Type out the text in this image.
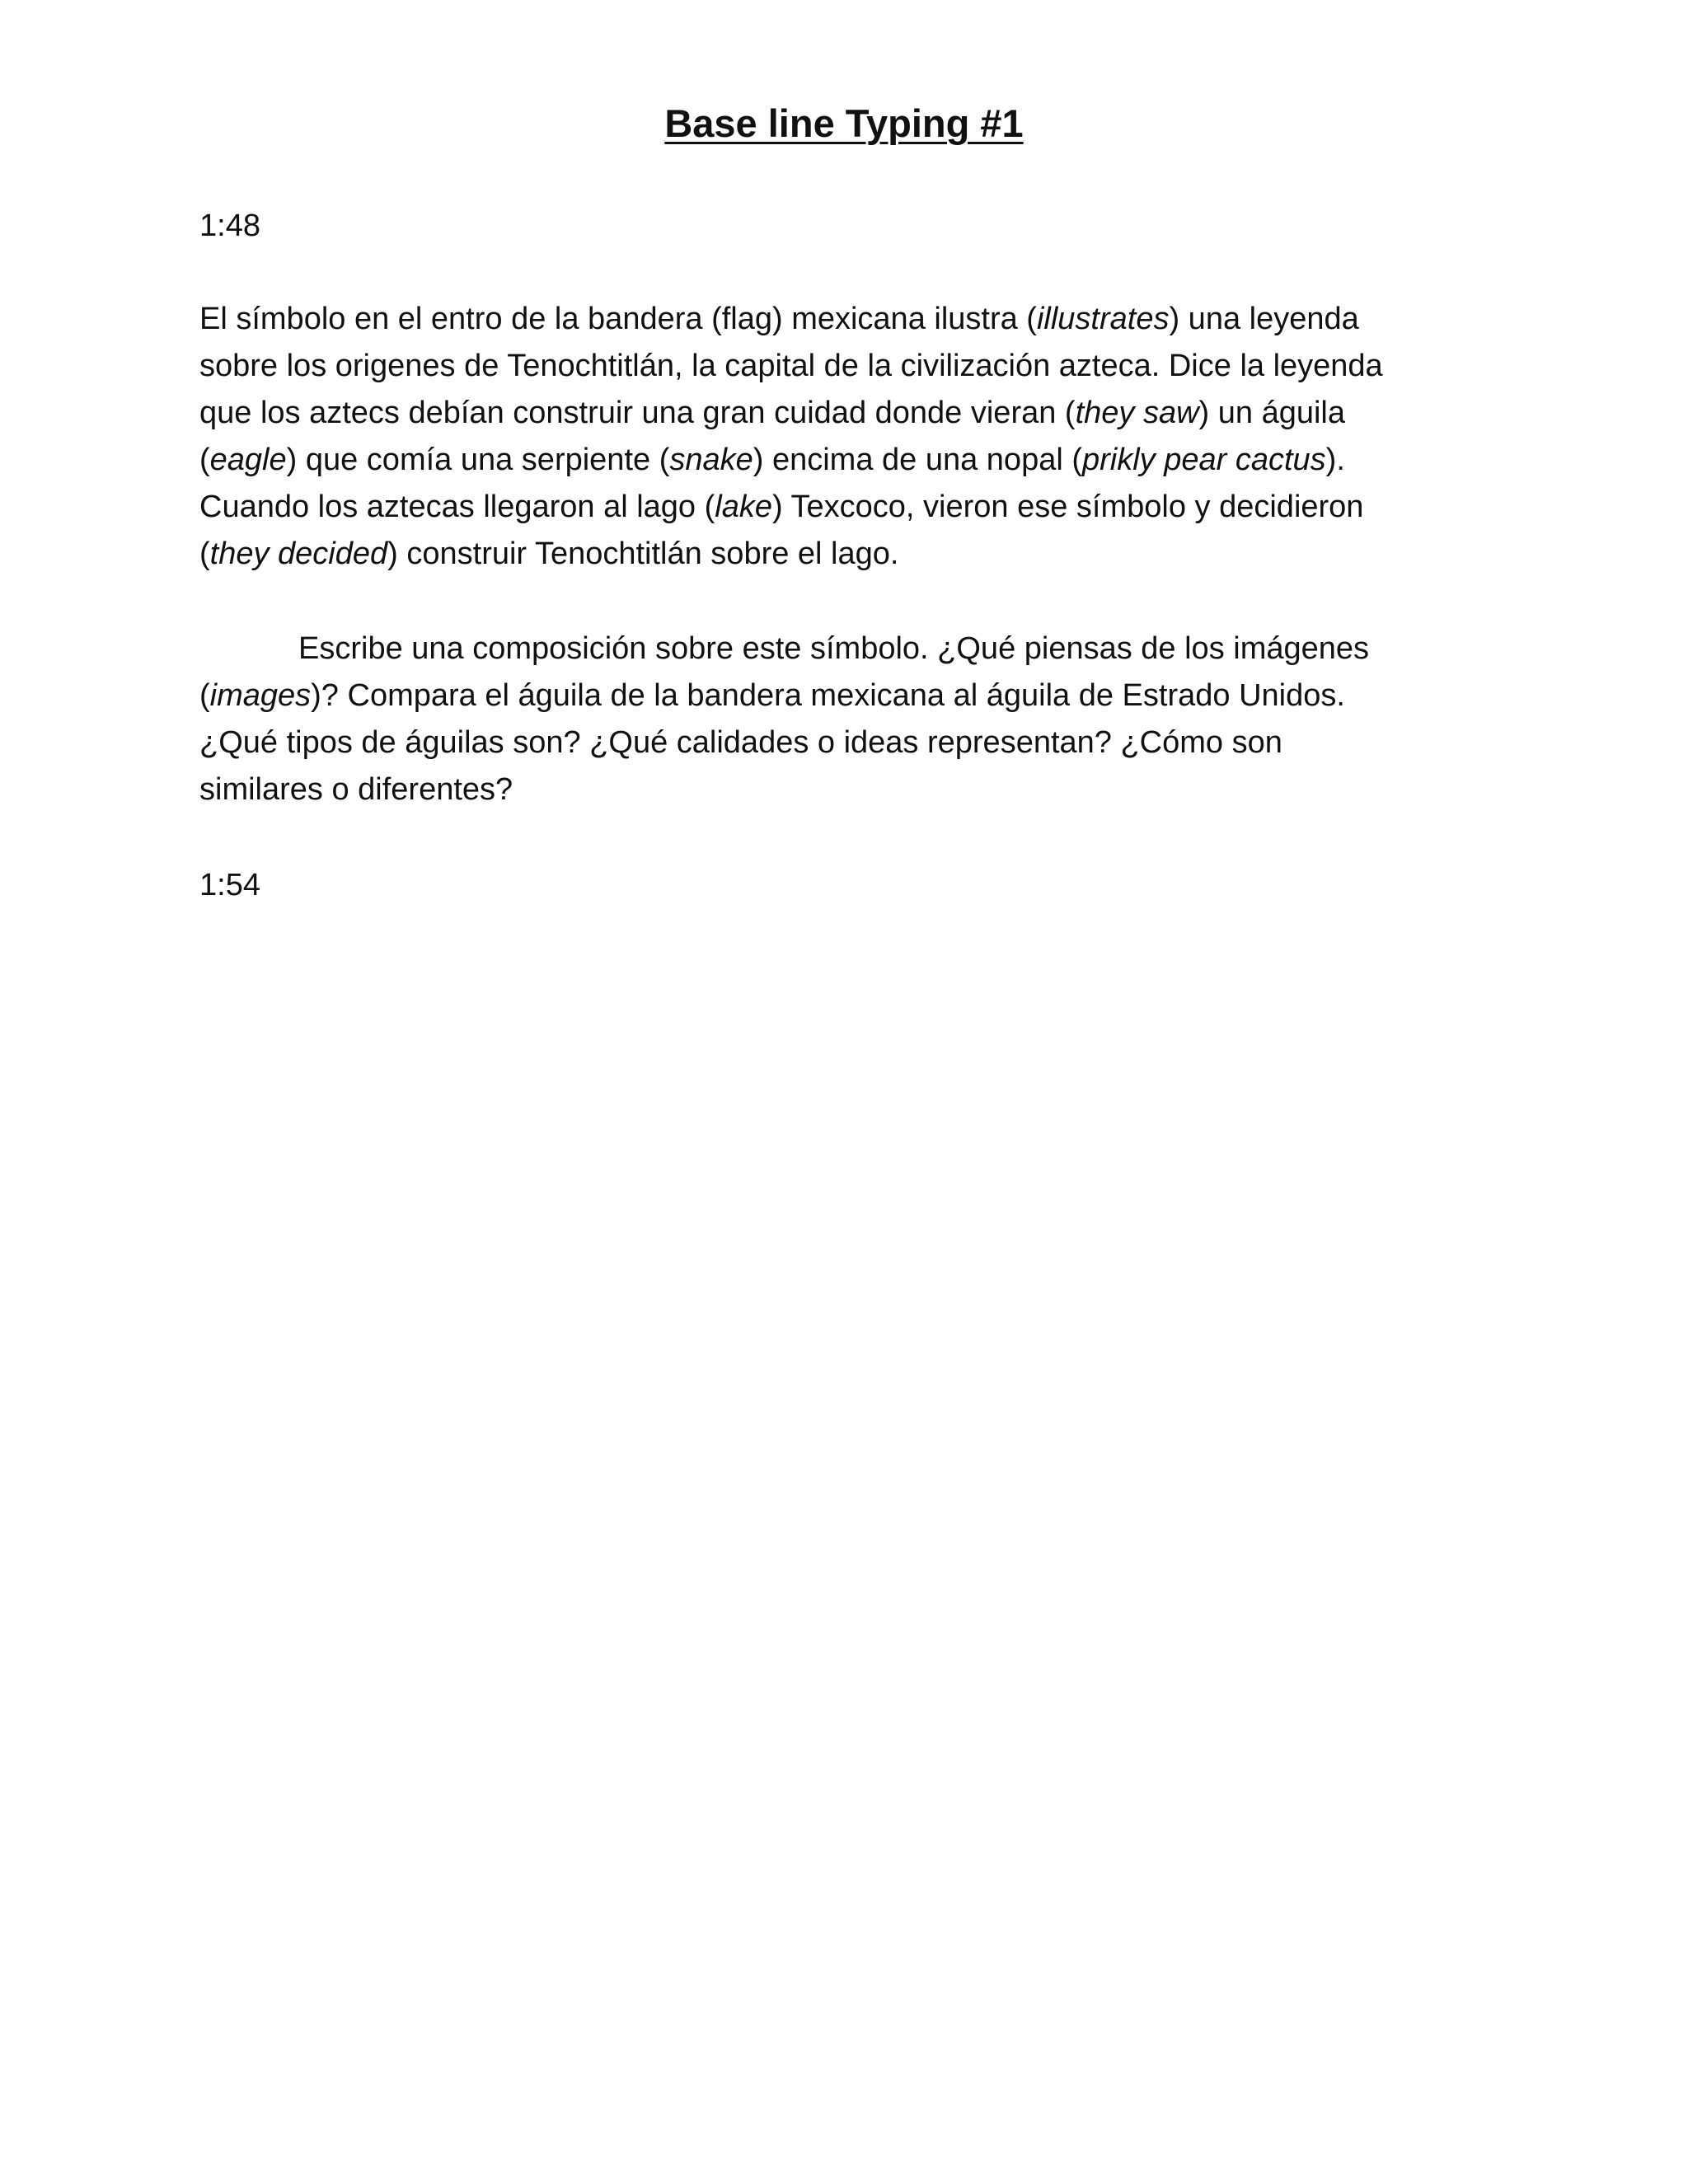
Base line Typing #1

1:48

El símbolo en el entro de la bandera (flag) mexicana ilustra (illustrates) una leyenda
sobre los origenes de Tenochtitlán, la capital de la civilización azteca. Dice la leyenda
que los aztecs debían construir una gran cuidad donde vieran (they saw) un águila
(eagle) que comía una serpiente (snake) encima de una nopal (prikly pear cactus).
Cuando los aztecas llegaron al lago (lake) Texcoco, vieron ese símbolo y decidieron
(they decided) construir Tenochtitlán sobre el lago.

Escribe una composición sobre este símbolo. ¿Qué piensas de los imágenes
(images)? Compara el águila de la bandera mexicana al águila de Estrado Unidos.
¿Qué tipos de águilas son? ¿Qué calidades o ideas representan? ¿Cómo son
similares o diferentes?

1:54
